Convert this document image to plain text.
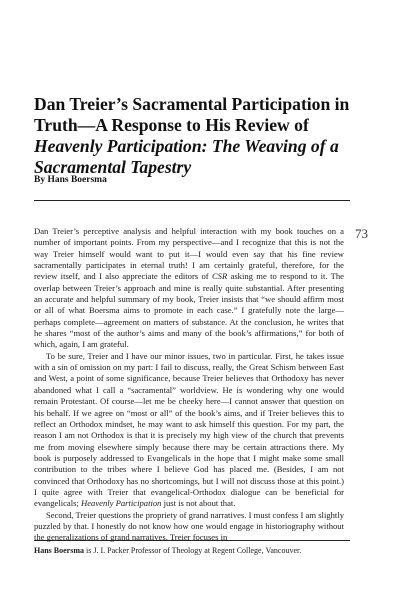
Dan Treier’s Sacramental Participation in Truth—A Response to His Review of Heavenly Participation: The Weaving of a Sacramental Tapestry

By Hans Boersma

73

Dan Treier’s perceptive analysis and helpful interaction with my book touches on a number of important points. From my perspective—and I recognize that this is not the way Treier himself would want to put it—I would even say that his fine review sacramentally participates in eternal truth! I am certainly grateful, therefore, for the review itself, and I also appreciate the editors of CSR asking me to respond to it. The overlap between Treier’s approach and mine is really quite substantial. After presenting an accurate and helpful summary of my book, Treier insists that “we should affirm most or all of what Boersma aims to promote in each case.” I gratefully note the large—perhaps complete—agreement on matters of substance. At the conclusion, he writes that he shares “most of the author’s aims and many of the book’s affirmations,” for both of which, again, I am grateful.

To be sure, Treier and I have our minor issues, two in particular. First, he takes issue with a sin of omission on my part: I fail to discuss, really, the Great Schism between East and West, a point of some significance, because Treier believes that Orthodoxy has never abandoned what I call a “sacramental” worldview. He is wondering why one would remain Protestant. Of course—let me be cheeky here—I cannot answer that question on his behalf. If we agree on “most or all” of the book’s aims, and if Treier believes this to reflect an Orthodox mindset, he may want to ask himself this question. For my part, the reason I am not Orthodox is that it is precisely my high view of the church that prevents me from moving elsewhere simply because there may be certain attractions there. My book is purposely addressed to Evangelicals in the hope that I might make some small contribution to the tribes where I believe God has placed me. (Besides, I am not convinced that Orthodoxy has no shortcomings, but I will not discuss those at this point.) I quite agree with Treier that evangelical-Orthodox dialogue can be beneficial for evangelicals; Heavenly Participation just is not about that.

Second, Treier questions the propriety of grand narratives. I must confess I am slightly puzzled by that. I honestly do not know how one would engage in historiography without the generalizations of grand narratives. Treier focuses in

Hans Boersma is J. I. Packer Professor of Theology at Regent College, Vancouver.
